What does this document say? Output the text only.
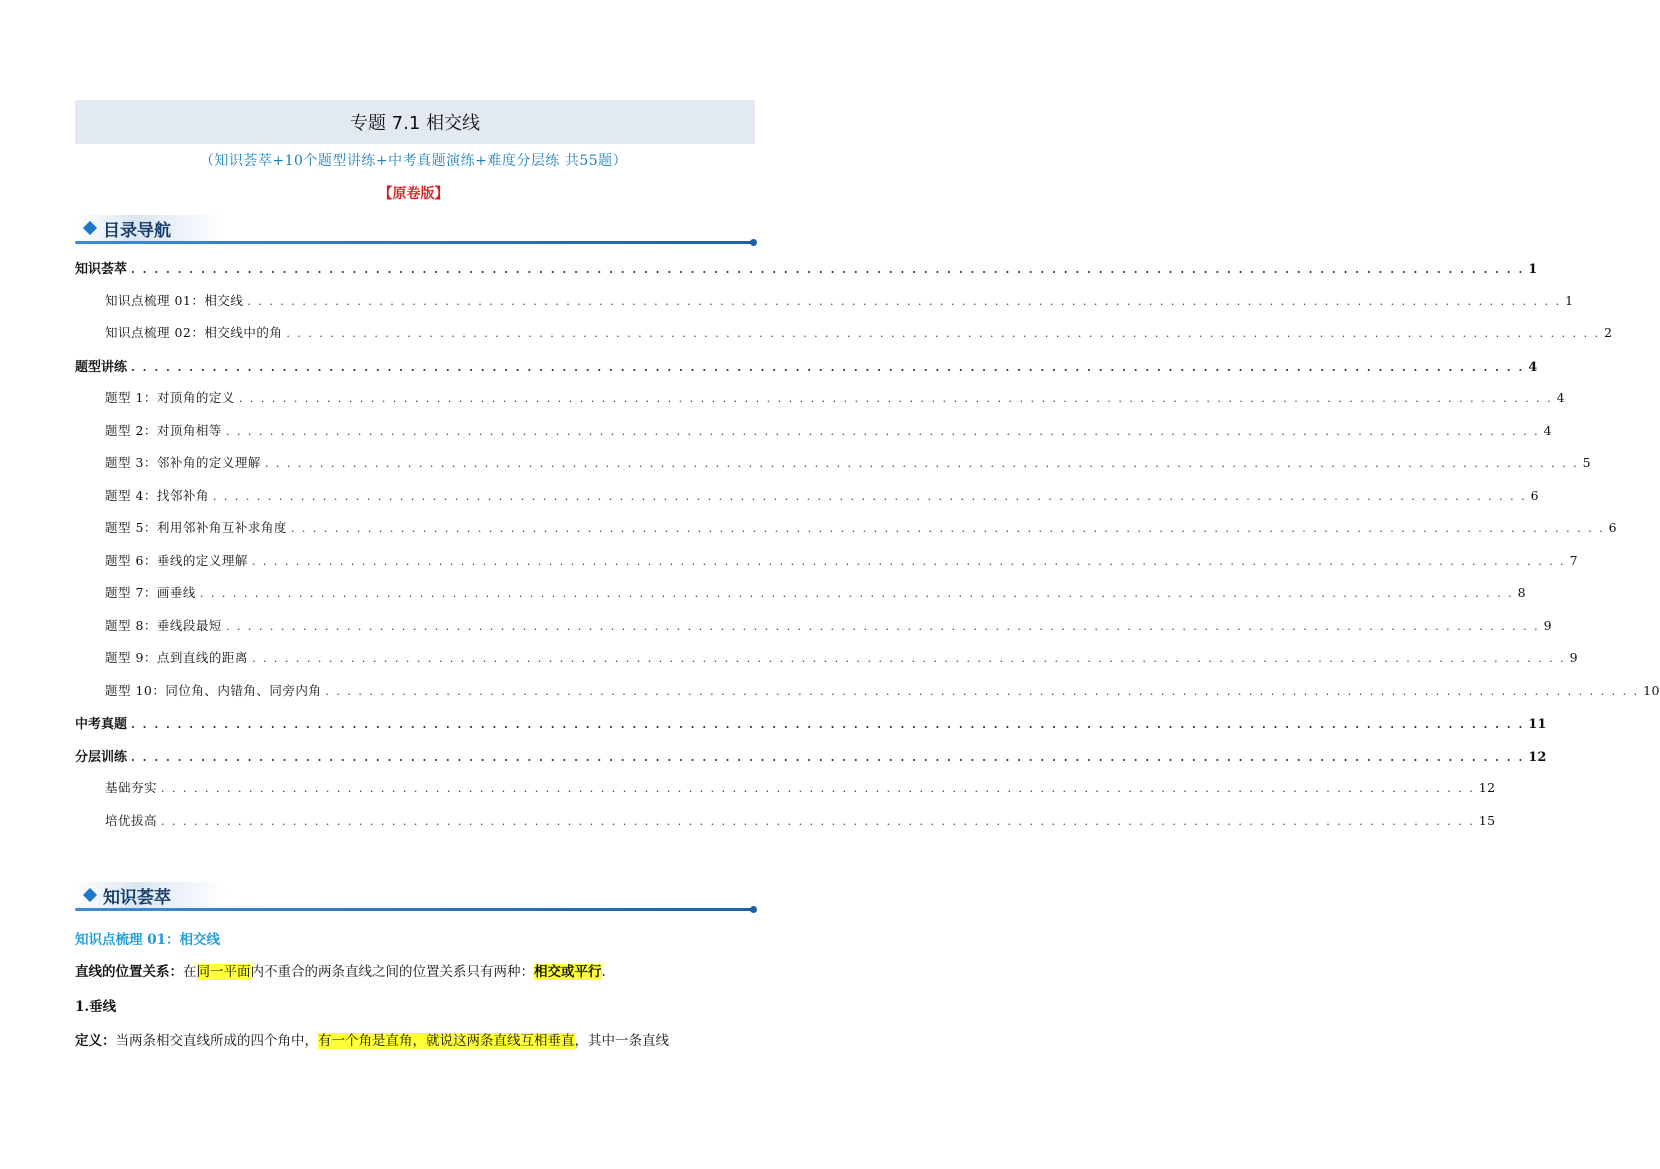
专题 7.1 相交线
（知识荟萃+10个题型讲练+中考真题演练+难度分层练 共55题）
【原卷版】
目录导航
知识荟萃 . . . . . . . . . . . . . . . . . . . . . . . . . . . . . . . . . . . . . . . . . . . . . . . . . . . . . . . . . . . . . . . . . . . . . . . . . . . . . . . . . . . . . . . . . . . . . . . . . . . . . . . . . . . . . . . . . . . . . . . . 1
知识点梳理 01：相交线 . . . . . . . . . . . . . . . . . . . . . . . . . . . . . . . . . . . . . . . . . . . . . . . . . . . . . . . . . . . . . . . . . . . . . . . . . . . . . . . . . . . . . . . . . . . . . . . . . . . . . . . . . . . . . . . . . . . . . . . . 1
知识点梳理 02：相交线中的角 . . . . . . . . . . . . . . . . . . . . . . . . . . . . . . . . . . . . . . . . . . . . . . . . . . . . . . . . . . . . . . . . . . . . . . . . . . . . . . . . . . . . . . . . . . . . . . . . . . . . . . . . . . . . . . . . . . . . . . . . 2
题型讲练 . . . . . . . . . . . . . . . . . . . . . . . . . . . . . . . . . . . . . . . . . . . . . . . . . . . . . . . . . . . . . . . . . . . . . . . . . . . . . . . . . . . . . . . . . . . . . . . . . . . . . . . . . . . . . . . . . . . . . . . . 4
题型 1：对顶角的定义 . . . . . . . . . . . . . . . . . . . . . . . . . . . . . . . . . . . . . . . . . . . . . . . . . . . . . . . . . . . . . . . . . . . . . . . . . . . . . . . . . . . . . . . . . . . . . . . . . . . . . . . . . . . . . . . . . . . . . . . . 4
题型 2：对顶角相等 . . . . . . . . . . . . . . . . . . . . . . . . . . . . . . . . . . . . . . . . . . . . . . . . . . . . . . . . . . . . . . . . . . . . . . . . . . . . . . . . . . . . . . . . . . . . . . . . . . . . . . . . . . . . . . . . . . . . . . . . 4
题型 3：邻补角的定义理解 . . . . . . . . . . . . . . . . . . . . . . . . . . . . . . . . . . . . . . . . . . . . . . . . . . . . . . . . . . . . . . . . . . . . . . . . . . . . . . . . . . . . . . . . . . . . . . . . . . . . . . . . . . . . . . . . . . . . . . . . 5
题型 4：找邻补角 . . . . . . . . . . . . . . . . . . . . . . . . . . . . . . . . . . . . . . . . . . . . . . . . . . . . . . . . . . . . . . . . . . . . . . . . . . . . . . . . . . . . . . . . . . . . . . . . . . . . . . . . . . . . . . . . . . . . . . . . 6
题型 5：利用邻补角互补求角度 . . . . . . . . . . . . . . . . . . . . . . . . . . . . . . . . . . . . . . . . . . . . . . . . . . . . . . . . . . . . . . . . . . . . . . . . . . . . . . . . . . . . . . . . . . . . . . . . . . . . . . . . . . . . . . . . . . . . . . . . 6
题型 6：垂线的定义理解 . . . . . . . . . . . . . . . . . . . . . . . . . . . . . . . . . . . . . . . . . . . . . . . . . . . . . . . . . . . . . . . . . . . . . . . . . . . . . . . . . . . . . . . . . . . . . . . . . . . . . . . . . . . . . . . . . . . . . . . . 7
题型 7：画垂线 . . . . . . . . . . . . . . . . . . . . . . . . . . . . . . . . . . . . . . . . . . . . . . . . . . . . . . . . . . . . . . . . . . . . . . . . . . . . . . . . . . . . . . . . . . . . . . . . . . . . . . . . . . . . . . . . . . . . . . . . 8
题型 8：垂线段最短 . . . . . . . . . . . . . . . . . . . . . . . . . . . . . . . . . . . . . . . . . . . . . . . . . . . . . . . . . . . . . . . . . . . . . . . . . . . . . . . . . . . . . . . . . . . . . . . . . . . . . . . . . . . . . . . . . . . . . . . . 9
题型 9：点到直线的距离 . . . . . . . . . . . . . . . . . . . . . . . . . . . . . . . . . . . . . . . . . . . . . . . . . . . . . . . . . . . . . . . . . . . . . . . . . . . . . . . . . . . . . . . . . . . . . . . . . . . . . . . . . . . . . . . . . . . . . . . . 9
题型 10：同位角、内错角、同旁内角 . . . . . . . . . . . . . . . . . . . . . . . . . . . . . . . . . . . . . . . . . . . . . . . . . . . . . . . . . . . . . . . . . . . . . . . . . . . . . . . . . . . . . . . . . . . . . . . . . . . . . . . . . . . . . . . . . . . . . . . . 10
中考真题 . . . . . . . . . . . . . . . . . . . . . . . . . . . . . . . . . . . . . . . . . . . . . . . . . . . . . . . . . . . . . . . . . . . . . . . . . . . . . . . . . . . . . . . . . . . . . . . . . . . . . . . . . . . . . . . . . . . . . . . . 11
分层训练 . . . . . . . . . . . . . . . . . . . . . . . . . . . . . . . . . . . . . . . . . . . . . . . . . . . . . . . . . . . . . . . . . . . . . . . . . . . . . . . . . . . . . . . . . . . . . . . . . . . . . . . . . . . . . . . . . . . . . . . . 12
基础夯实 . . . . . . . . . . . . . . . . . . . . . . . . . . . . . . . . . . . . . . . . . . . . . . . . . . . . . . . . . . . . . . . . . . . . . . . . . . . . . . . . . . . . . . . . . . . . . . . . . . . . . . . . . . . . . . . . . . . . . . . . 12
培优拔高 . . . . . . . . . . . . . . . . . . . . . . . . . . . . . . . . . . . . . . . . . . . . . . . . . . . . . . . . . . . . . . . . . . . . . . . . . . . . . . . . . . . . . . . . . . . . . . . . . . . . . . . . . . . . . . . . . . . . . . . . 15
知识荟萃
知识点梳理 01：相交线
直线的位置关系：在同一平面内不重合的两条直线之间的位置关系只有两种：相交或平行.
1.垂线
定义：当两条相交直线所成的四个角中，有一个角是直角，就说这两条直线互相垂直，其中一条直线
